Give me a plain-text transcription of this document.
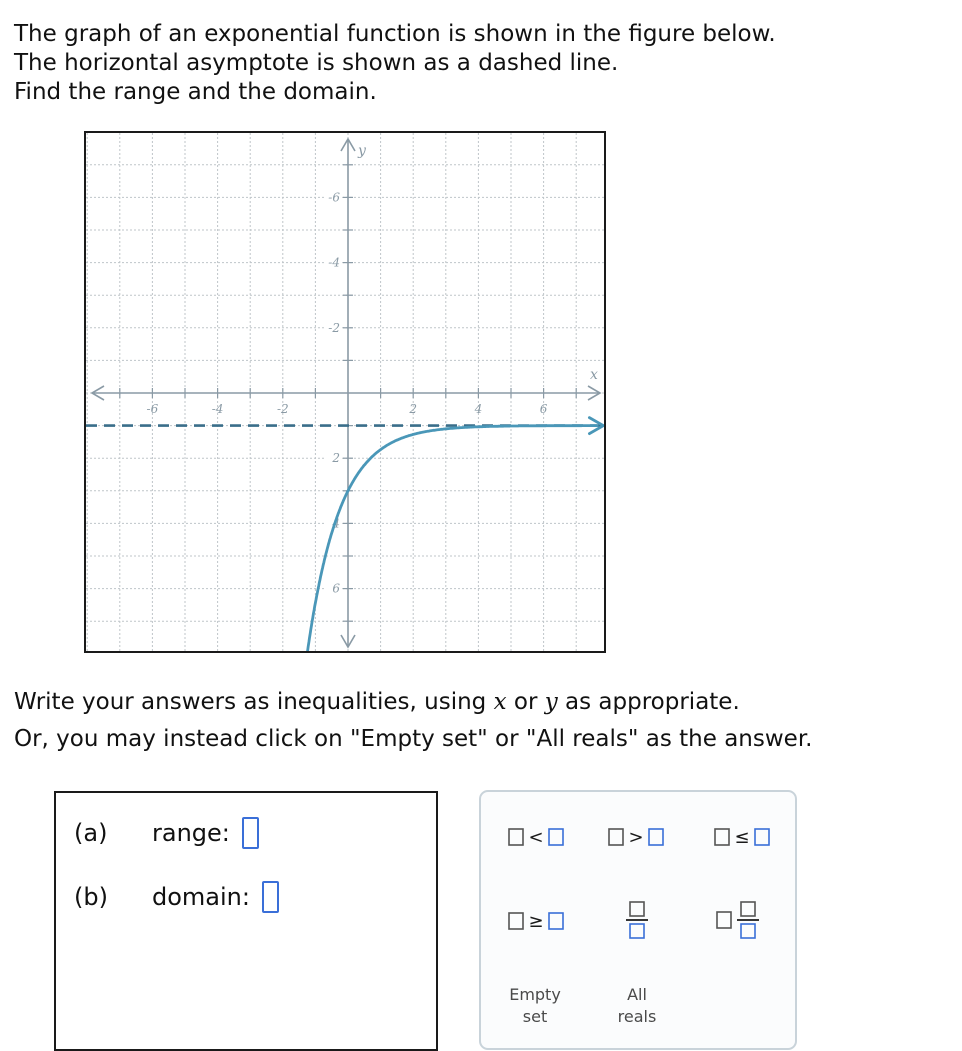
The graph of an exponential function is shown in the figure below.
The horizontal asymptote is shown as a dashed line.
Find the range and the domain.
-6	-4	-2	2	4	6
6
4
2
-2
-4
-6
x
y
Write your answers as inequalities, using x or y as appropriate.
Or, you may instead click on "Empty set" or "All reals" as the answer.
(a)	range:
(b)	domain:
<	>	≤
≥
Empty
set
All
reals
